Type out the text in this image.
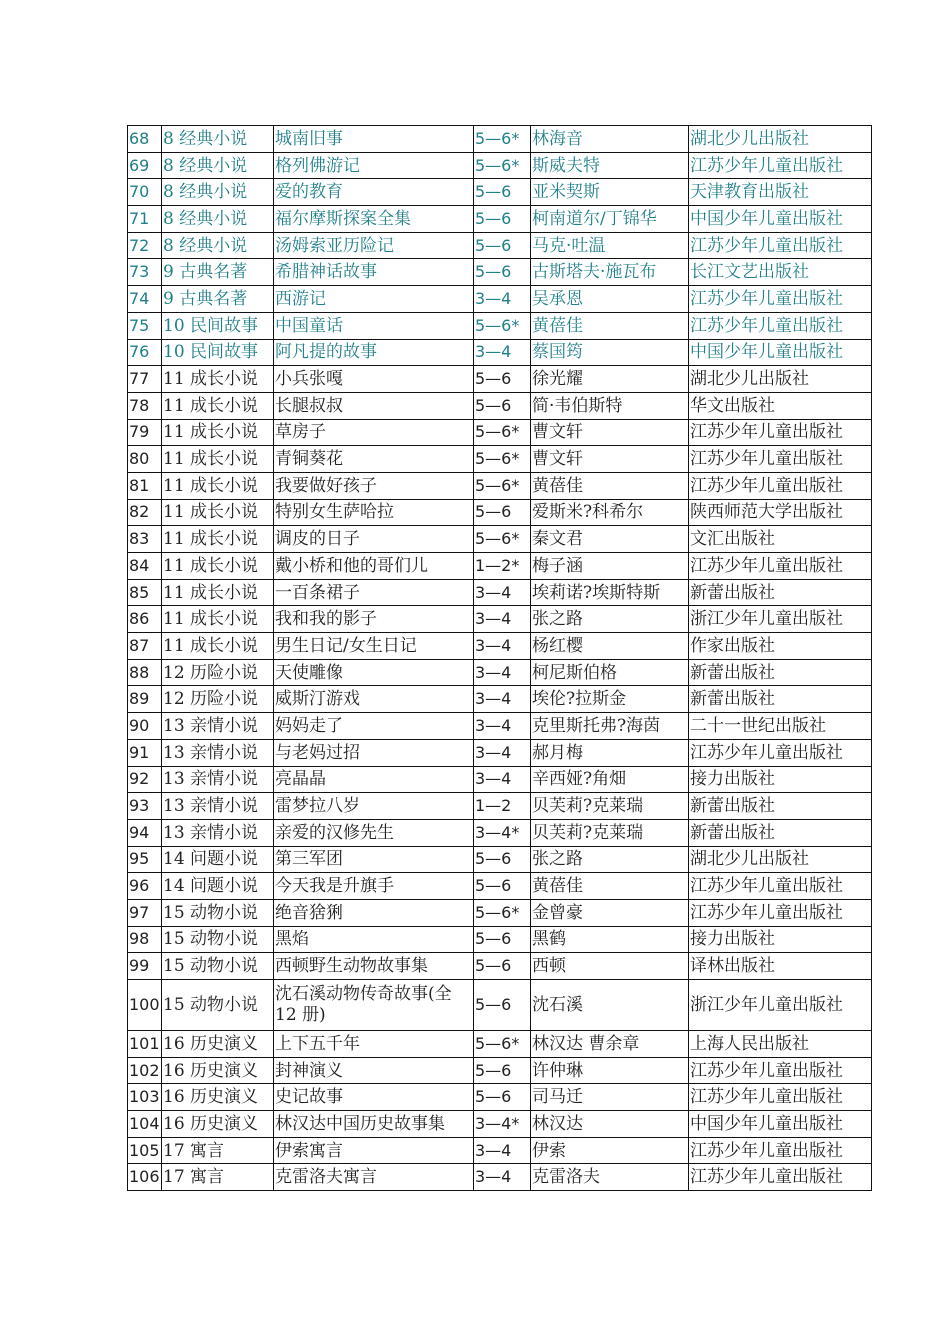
68	8 经典小说	城南旧事	5—6*	林海音	湖北少儿出版社
69	8 经典小说	格列佛游记	5—6*	斯威夫特	江苏少年儿童出版社
70	8 经典小说	爱的教育	5—6	亚米契斯	天津教育出版社
71	8 经典小说	福尔摩斯探案全集	5—6	柯南道尔/丁锦华	中国少年儿童出版社
72	8 经典小说	汤姆索亚历险记	5—6	马克·吐温	江苏少年儿童出版社
73	9 古典名著	希腊神话故事	5—6	古斯塔夫·施瓦布	长江文艺出版社
74	9 古典名著	西游记	3—4	吴承恩	江苏少年儿童出版社
75	10 民间故事	中国童话	5—6*	黄蓓佳	江苏少年儿童出版社
76	10 民间故事	阿凡提的故事	3—4	蔡国筠	中国少年儿童出版社
77	11 成长小说	小兵张嘎	5—6	徐光耀	湖北少儿出版社
78	11 成长小说	长腿叔叔	5—6	简·韦伯斯特	华文出版社
79	11 成长小说	草房子	5—6*	曹文轩	江苏少年儿童出版社
80	11 成长小说	青铜葵花	5—6*	曹文轩	江苏少年儿童出版社
81	11 成长小说	我要做好孩子	5—6*	黄蓓佳	江苏少年儿童出版社
82	11 成长小说	特别女生萨哈拉	5—6	爱斯米?科希尔	陕西师范大学出版社
83	11 成长小说	调皮的日子	5—6*	秦文君	文汇出版社
84	11 成长小说	戴小桥和他的哥们儿	1—2*	梅子涵	江苏少年儿童出版社
85	11 成长小说	一百条裙子	3—4	埃莉诺?埃斯特斯	新蕾出版社
86	11 成长小说	我和我的影子	3—4	张之路	浙江少年儿童出版社
87	11 成长小说	男生日记/女生日记	3—4	杨红樱	作家出版社
88	12 历险小说	天使雕像	3—4	柯尼斯伯格	新蕾出版社
89	12 历险小说	威斯汀游戏	3—4	埃伦?拉斯金	新蕾出版社
90	13 亲情小说	妈妈走了	3—4	克里斯托弗?海茵	二十一世纪出版社
91	13 亲情小说	与老妈过招	3—4	郝月梅	江苏少年儿童出版社
92	13 亲情小说	亮晶晶	3—4	辛西娅?角畑	接力出版社
93	13 亲情小说	雷梦拉八岁	1—2	贝芙莉?克莱瑞	新蕾出版社
94	13 亲情小说	亲爱的汉修先生	3—4*	贝芙莉?克莱瑞	新蕾出版社
95	14 问题小说	第三军团	5—6	张之路	湖北少儿出版社
96	14 问题小说	今天我是升旗手	5—6	黄蓓佳	江苏少年儿童出版社
97	15 动物小说	绝音猞猁	5—6*	金曾豪	江苏少年儿童出版社
98	15 动物小说	黑焰	5—6	黑鹤	接力出版社
99	15 动物小说	西顿野生动物故事集	5—6	西顿	译林出版社
100	15 动物小说	沈石溪动物传奇故事(全12 册)	5—6	沈石溪	浙江少年儿童出版社
101	16 历史演义	上下五千年	5—6*	林汉达 曹余章	上海人民出版社
102	16 历史演义	封神演义	5—6	许仲琳	江苏少年儿童出版社
103	16 历史演义	史记故事	5—6	司马迁	江苏少年儿童出版社
104	16 历史演义	林汉达中国历史故事集	3—4*	林汉达	中国少年儿童出版社
105	17 寓言	伊索寓言	3—4	伊索	江苏少年儿童出版社
106	17 寓言	克雷洛夫寓言	3—4	克雷洛夫	江苏少年儿童出版社
